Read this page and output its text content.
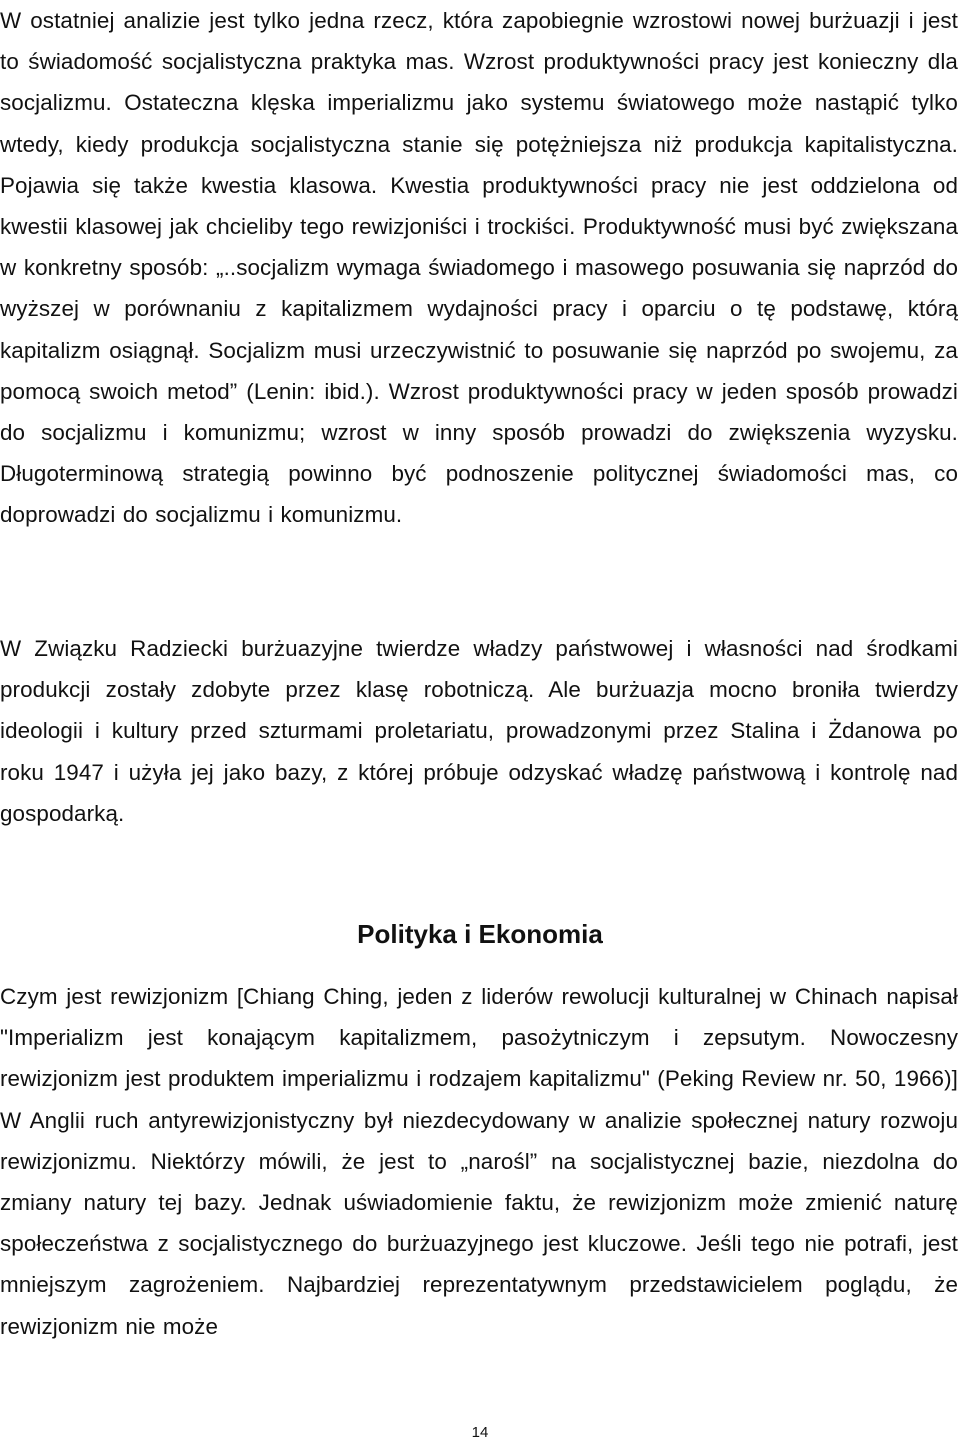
W ostatniej analizie jest tylko jedna rzecz, która zapobiegnie wzrostowi nowej burżuazji i jest to świadomość socjalistyczna praktyka mas. Wzrost produktywności pracy jest konieczny dla socjalizmu. Ostateczna klęska imperializmu jako systemu światowego może nastąpić tylko wtedy, kiedy produkcja socjalistyczna stanie się potężniejsza niż produkcja kapitalistyczna. Pojawia się także kwestia klasowa. Kwestia produktywności pracy nie jest oddzielona od kwestii klasowej jak chcieliby tego rewizjoniści i trockiści. Produktywność musi być zwiększana w konkretny sposób: „..socjalizm wymaga świadomego i masowego posuwania się naprzód do wyższej w porównaniu z kapitalizmem wydajności pracy i oparciu o tę podstawę, którą kapitalizm osiągnął. Socjalizm musi urzeczywistnić to posuwanie się naprzód po swojemu, za pomocą swoich metod” (Lenin: ibid.). Wzrost produktywności pracy w jeden sposób prowadzi do socjalizmu i komunizmu; wzrost w inny sposób prowadzi do zwiększenia wyzysku. Długoterminową strategią powinno być podnoszenie politycznej świadomości mas, co doprowadzi do socjalizmu i komunizmu.

W Związku Radziecki burżuazyjne twierdze władzy państwowej i własności nad środkami produkcji zostały zdobyte przez klasę robotniczą. Ale burżuazja mocno broniła twierdzy ideologii i kultury przed szturmami proletariatu, prowadzonymi przez Stalina i Żdanowa po roku 1947 i użyła jej jako bazy, z której próbuje odzyskać władzę państwową i kontrolę nad gospodarką.

Polityka i Ekonomia

Czym jest rewizjonizm [Chiang Ching, jeden z liderów rewolucji kulturalnej w Chinach napisał "Imperializm jest konającym kapitalizmem, pasożytniczym i zepsutym. Nowoczesny rewizjonizm jest produktem imperializmu i rodzajem kapitalizmu" (Peking Review nr. 50, 1966)] W Anglii ruch antyrewizjonistyczny był niezdecydowany w analizie społecznej natury rozwoju rewizjonizmu. Niektórzy mówili, że jest to „narośl” na socjalistycznej bazie, niezdolna do zmiany natury tej bazy. Jednak uświadomienie faktu, że rewizjonizm może zmienić naturę społeczeństwa z socjalistycznego do burżuazyjnego jest kluczowe. Jeśli tego nie potrafi, jest mniejszym zagrożeniem. Najbardziej reprezentatywnym przedstawicielem poglądu, że rewizjonizm nie może

14
